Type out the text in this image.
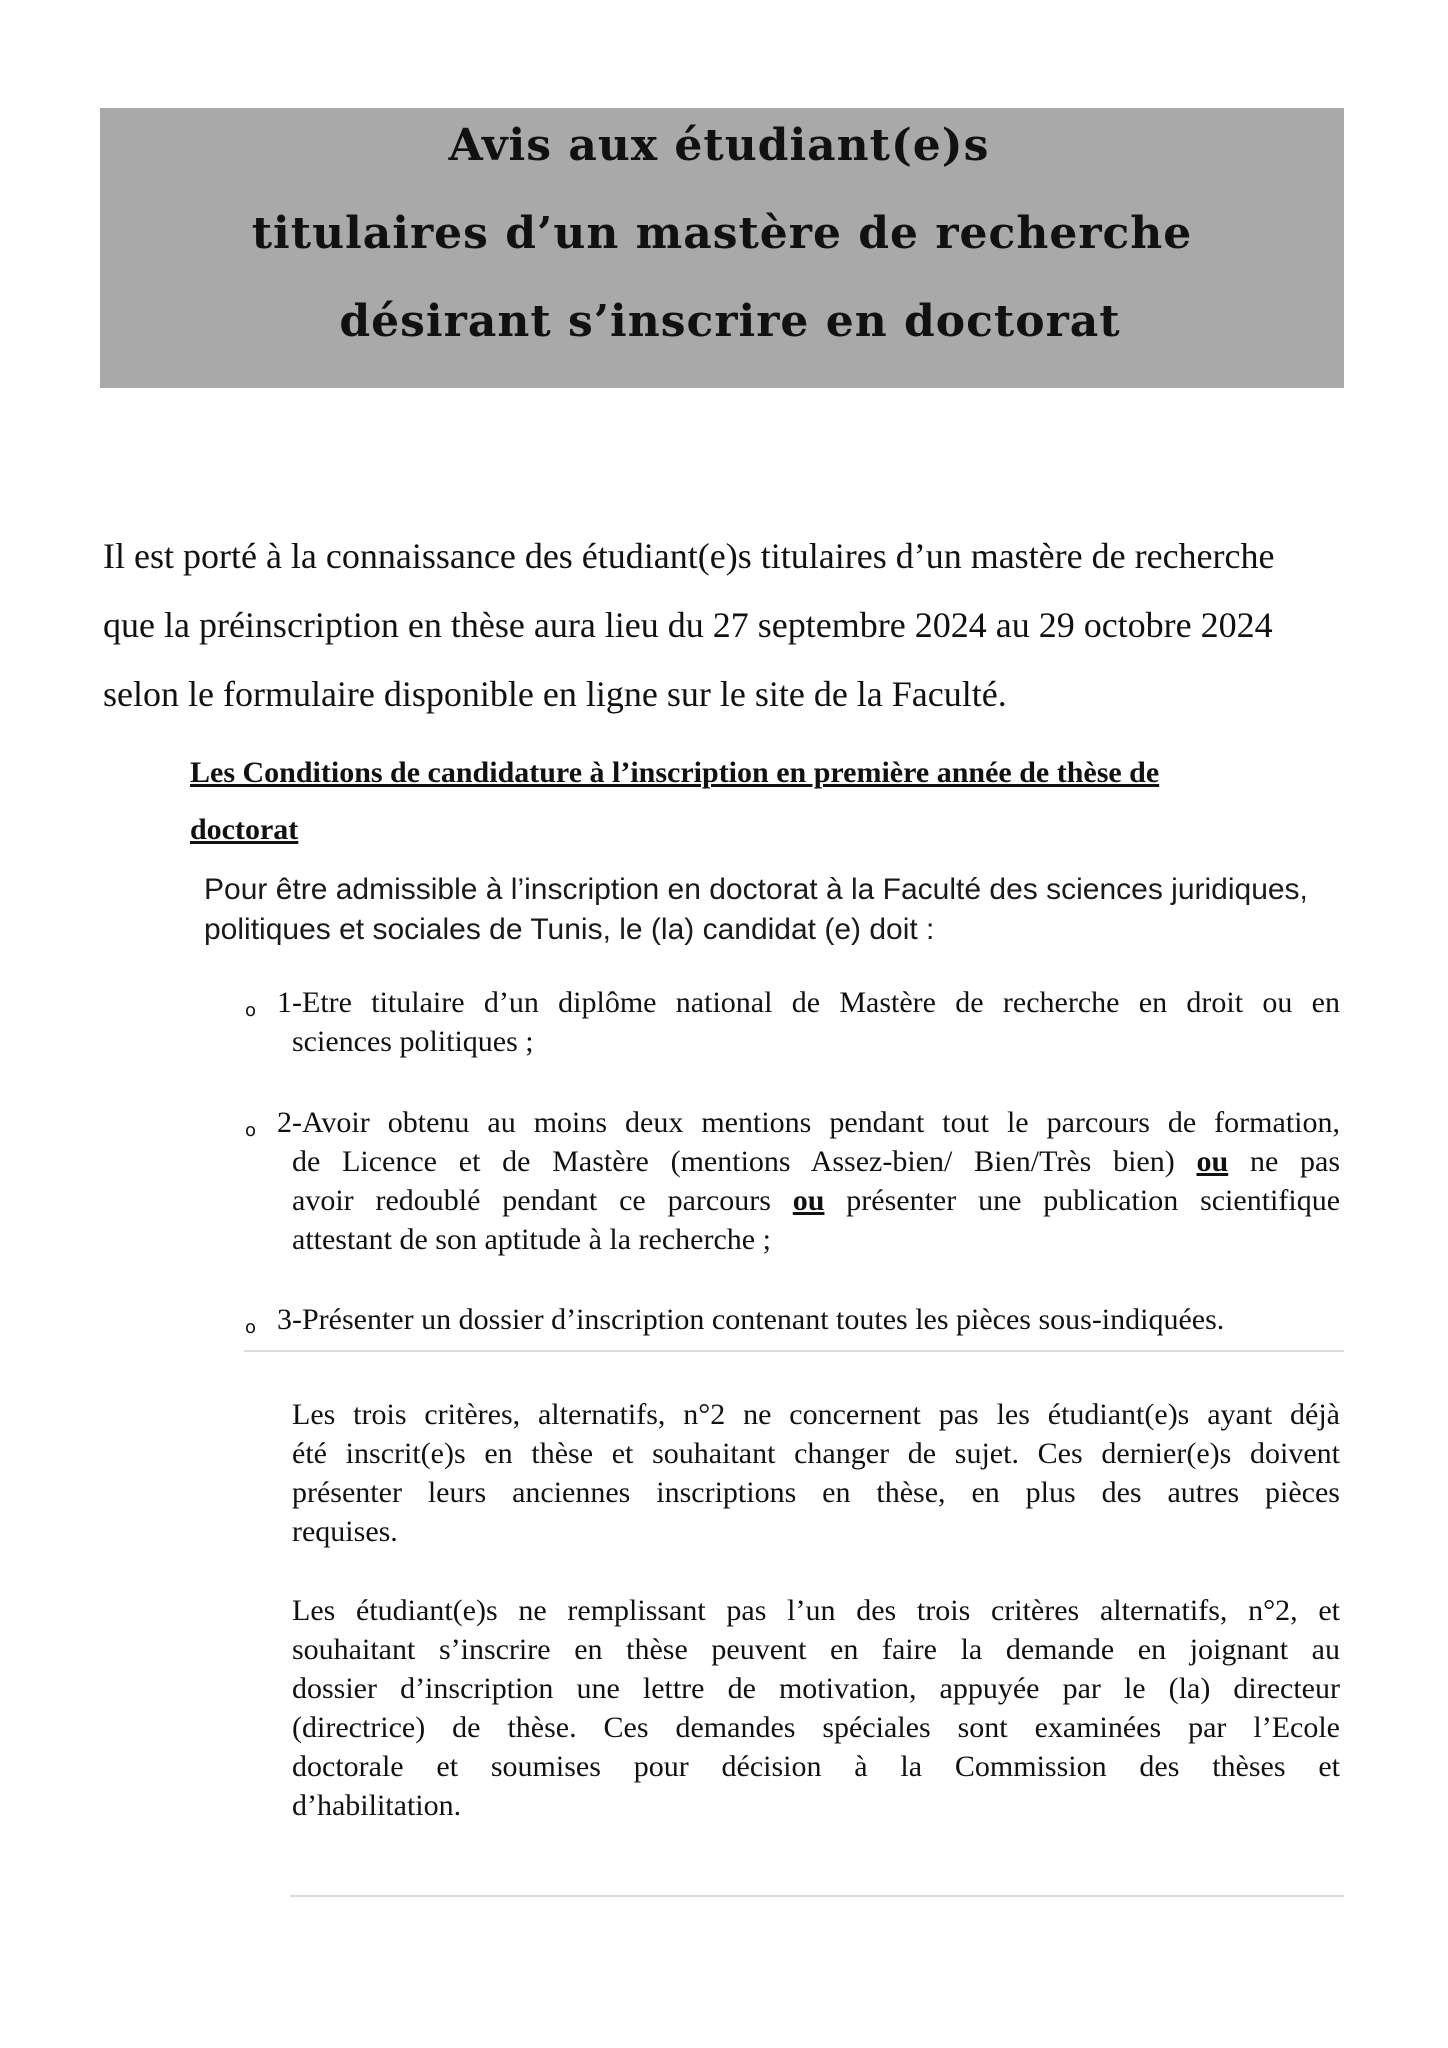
Avis aux étudiant(e)s
titulaires d’un mastère de recherche
désirant s’inscrire en doctorat
Il est porté à la connaissance des étudiant(e)s titulaires d’un mastère de recherche
que la préinscription en thèse aura lieu du 27 septembre 2024 au 29 octobre 2024
selon le formulaire disponible en ligne sur le site de la Faculté.
Les Conditions de candidature à l’inscription en première année de thèse de
doctorat
Pour être admissible à l’inscription en doctorat à la Faculté des sciences juridiques,
politiques et sociales de Tunis, le (la) candidat (e) doit :
o 1-Etre titulaire d’un diplôme national de Mastère de recherche en droit ou en
sciences politiques ;
o 2-Avoir obtenu au moins deux mentions pendant tout le parcours de formation,
de Licence et de Mastère (mentions Assez-bien/ Bien/Très bien) ou ne pas
avoir redoublé pendant ce parcours ou présenter une publication scientifique
attestant de son aptitude à la recherche ;
o 3-Présenter un dossier d’inscription contenant toutes les pièces sous-indiquées.
Les trois critères, alternatifs, n°2 ne concernent pas les étudiant(e)s ayant déjà
été inscrit(e)s en thèse et souhaitant changer de sujet. Ces dernier(e)s doivent
présenter leurs anciennes inscriptions en thèse, en plus des autres pièces
requises.
Les étudiant(e)s ne remplissant pas l’un des trois critères alternatifs, n°2, et
souhaitant s’inscrire en thèse peuvent en faire la demande en joignant au
dossier d’inscription une lettre de motivation, appuyée par le (la) directeur
(directrice) de thèse. Ces demandes spéciales sont examinées par l’Ecole
doctorale et soumises pour décision à la Commission des thèses et
d’habilitation.
